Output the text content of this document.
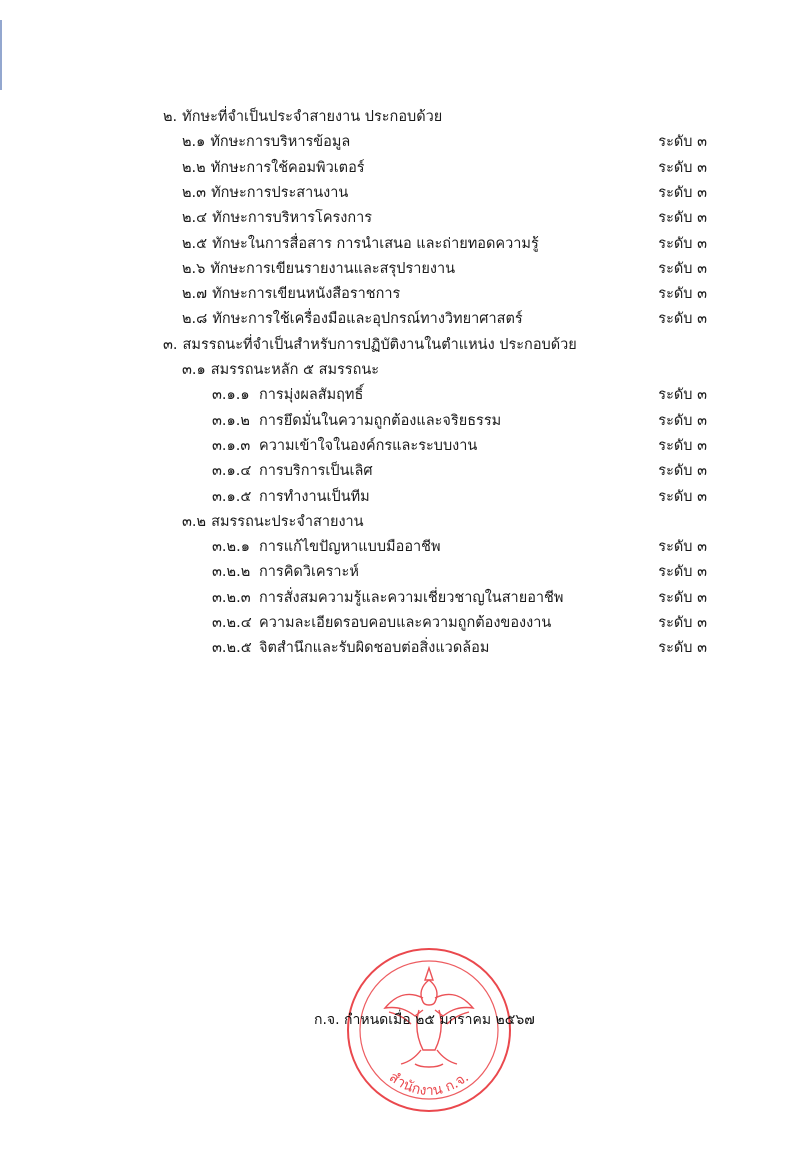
๒. ทักษะที่จำเป็นประจำสายงาน ประกอบด้วย
๒.๑ ทักษะการบริหารข้อมูล	ระดับ ๓
๒.๒ ทักษะการใช้คอมพิวเตอร์	ระดับ ๓
๒.๓ ทักษะการประสานงาน	ระดับ ๓
๒.๔ ทักษะการบริหารโครงการ	ระดับ ๓
๒.๕ ทักษะในการสื่อสาร การนำเสนอ และถ่ายทอดความรู้	ระดับ ๓
๒.๖ ทักษะการเขียนรายงานและสรุปรายงาน	ระดับ ๓
๒.๗ ทักษะการเขียนหนังสือราชการ	ระดับ ๓
๒.๘ ทักษะการใช้เครื่องมือและอุปกรณ์ทางวิทยาศาสตร์	ระดับ ๓
๓. สมรรถนะที่จำเป็นสำหรับการปฏิบัติงานในตำแหน่ง ประกอบด้วย
๓.๑ สมรรถนะหลัก ๕ สมรรถนะ
๓.๑.๑ การมุ่งผลสัมฤทธิ์	ระดับ ๓
๓.๑.๒ การยึดมั่นในความถูกต้องและจริยธรรม	ระดับ ๓
๓.๑.๓ ความเข้าใจในองค์กรและระบบงาน	ระดับ ๓
๓.๑.๔ การบริการเป็นเลิศ	ระดับ ๓
๓.๑.๕ การทำงานเป็นทีม	ระดับ ๓
๓.๒ สมรรถนะประจำสายงาน
๓.๒.๑ การแก้ไขปัญหาแบบมืออาชีพ	ระดับ ๓
๓.๒.๒ การคิดวิเคราะห์	ระดับ ๓
๓.๒.๓ การสั่งสมความรู้และความเชี่ยวชาญในสายอาชีพ	ระดับ ๓
๓.๒.๔ ความละเอียดรอบคอบและความถูกต้องของงาน	ระดับ ๓
๓.๒.๕ จิตสำนึกและรับผิดชอบต่อสิ่งแวดล้อม	ระดับ ๓
สำนักงาน ก.จ.
ก.จ. กำหนดเมื่อ ๒๕ มกราคม ๒๕๖๗
